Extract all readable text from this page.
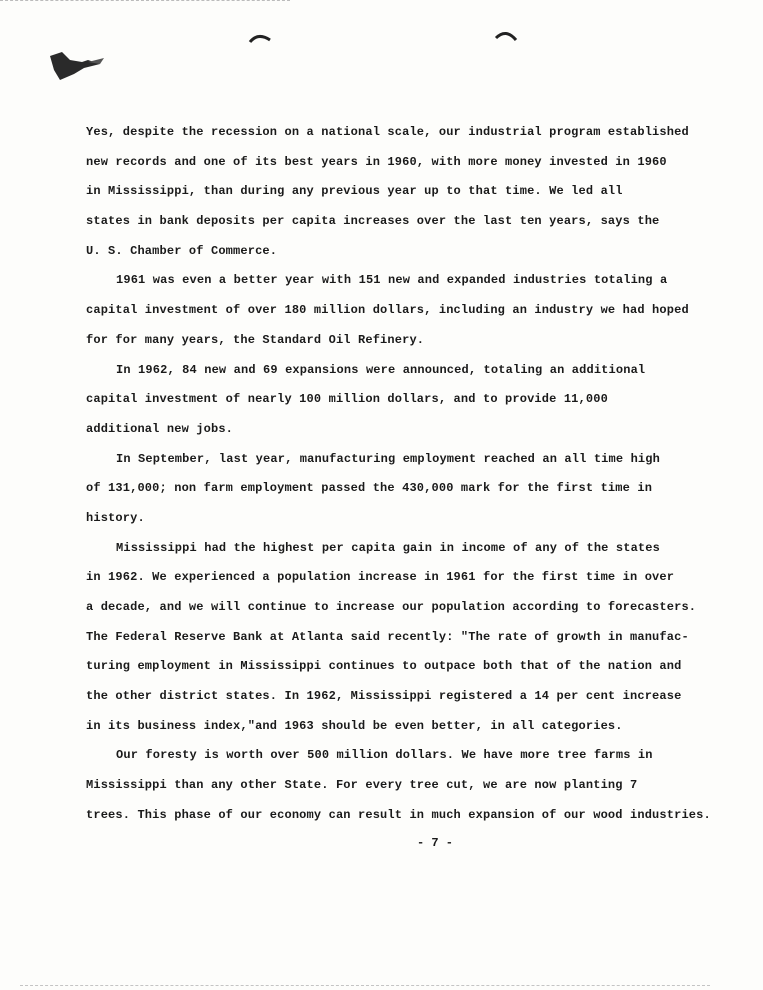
Yes, despite the recession on a national scale, our industrial program established
new records and one of its best years in 1960, with more money invested in 1960
in Mississippi, than during any previous year up to that time. We led all
states in bank deposits per capita increases over the last ten years, says the
U. S. Chamber of Commerce.
1961 was even a better year with 151 new and expanded industries totaling a
capital investment of over 180 million dollars, including an industry we had hoped
for for many years, the Standard Oil Refinery.
In 1962, 84 new and 69 expansions were announced, totaling an additional
capital investment of nearly 100 million dollars, and to provide 11,000
additional new jobs.
In September, last year, manufacturing employment reached an all time high
of 131,000; non farm employment passed the 430,000 mark for the first time in
history.
Mississippi had the highest per capita gain in income of any of the states
in 1962. We experienced a population increase in 1961 for the first time in over
a decade, and we will continue to increase our population according to forecasters.
The Federal Reserve Bank at Atlanta said recently: "The rate of growth in manufac-
turing employment in Mississippi continues to outpace both that of the nation and
the other district states. In 1962, Mississippi registered a 14 per cent increase
in its business index,"and 1963 should be even better, in all categories.
Our foresty is worth over 500 million dollars. We have more tree farms in
Mississippi than any other State. For every tree cut, we are now planting 7
trees. This phase of our economy can result in much expansion of our wood industries.
- 7 -
